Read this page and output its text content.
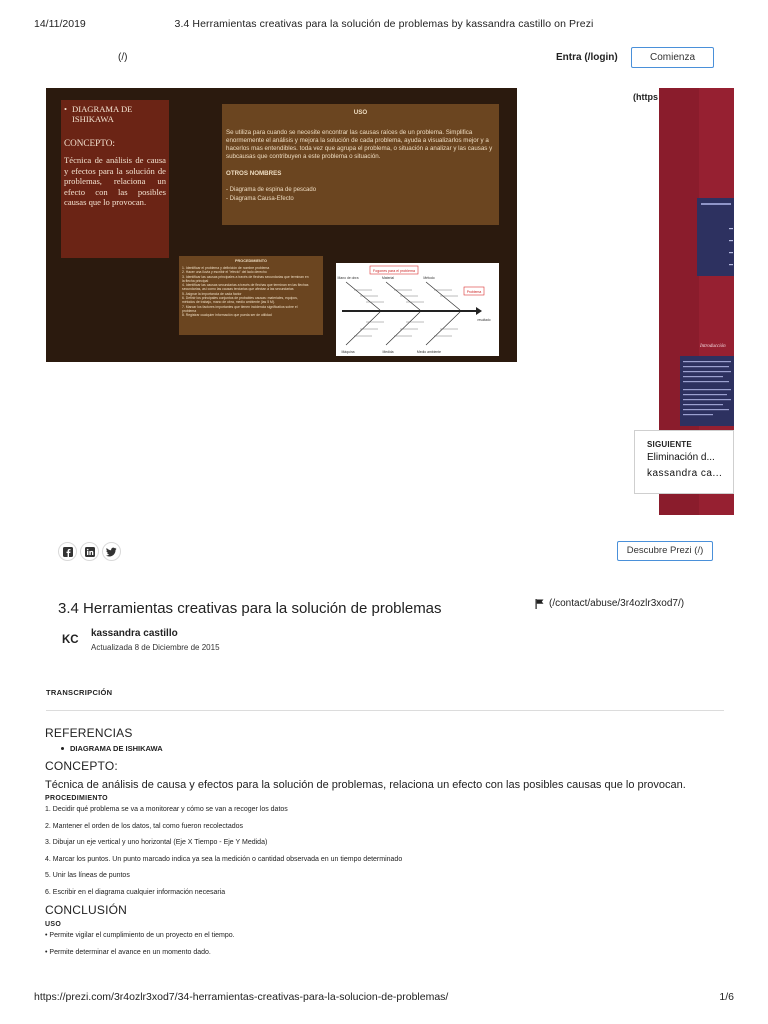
14/11/2019	3.4 Herramientas creativas para la solución de problemas by kassandra castillo on Prezi
(/)	Entra (/login)	Comienza
• DIAGRAMA DE ISHIKAWA
CONCEPTO:
Técnica de análisis de causa y efectos para la solución de problemas, relaciona un efecto con las posibles causas que lo provocan.
USO
Se utiliza para cuando se necesite encontrar las causas raíces de un problema. Simplifica enormemente el análisis y mejora la solución de cada problema, ayuda a visualizarlos mejor y a hacerlos mas entendibles. toda vez que agrupa el problema, o situación a analizar y las causas y subcausas que contribuyen a este problema o situación.
OTROS NOMBRES
- Diagrama de espina de pescado
- Diagrama Causa-Efecto
PROCEDIMIENTO
1. Identificar el problema y definición de nombre problema
2. Hacer una lluvia y escribir el "efecto" del lado derecho
3. Identificar las causas principales a través de flechas secundarias que terminan en
la flecha principal
4. Identificar las causas secundarias a través de flechas que terminan en las flechas
secundarias, así como las causas terciarias que afectan a las secundarias
5. Asignar la importancia de cada factor
6. Definir los principales conjuntos de probables causas: materiales, equipos,
métodos de trabajo, mano de obra, medio ambiente (las 5 M).
7. Marcar los factores importantes que tienen incidencia significativa sobre el
problema
8. Registrar cualquier información que pueda ser de utilidad
Fogones para el problema
Mano de obra	Material	Método
Problema
resultado
Máquina	Medida	Medio ambiente
(https
Introducción
SIGUIENTE
Eliminación d...
kassandra ca...
Descubre Prezi (/)
3.4 Herramientas creativas para la solución de problemas	(/contact/abuse/3r4ozlr3xod7/)
KC
kassandra castillo
Actualizada 8 de Diciembre de 2015
TRANSCRIPCIÓN
REFERENCIAS
DIAGRAMA DE ISHIKAWA
CONCEPTO:
Técnica de análisis de causa y efectos para la solución de problemas, relaciona un efecto con las posibles causas que lo provocan.
PROCEDIMIENTO
1. Decidir qué problema se va a monitorear y cómo se van a recoger los datos
2. Mantener el orden de los datos, tal como fueron recolectados
3. Dibujar un eje vertical y uno horizontal (Eje X Tiempo - Eje Y Medida)
4. Marcar los puntos. Un punto marcado indica ya sea la medición o cantidad observada en un tiempo determinado
5. Unir las líneas de puntos
6. Escribir en el diagrama cualquier información necesaria
CONCLUSIÓN
USO
• Permite vigilar el cumplimiento de un proyecto en el tiempo.
• Permite determinar el avance en un momento dado.
https://prezi.com/3r4ozlr3xod7/34-herramientas-creativas-para-la-solucion-de-problemas/	1/6
